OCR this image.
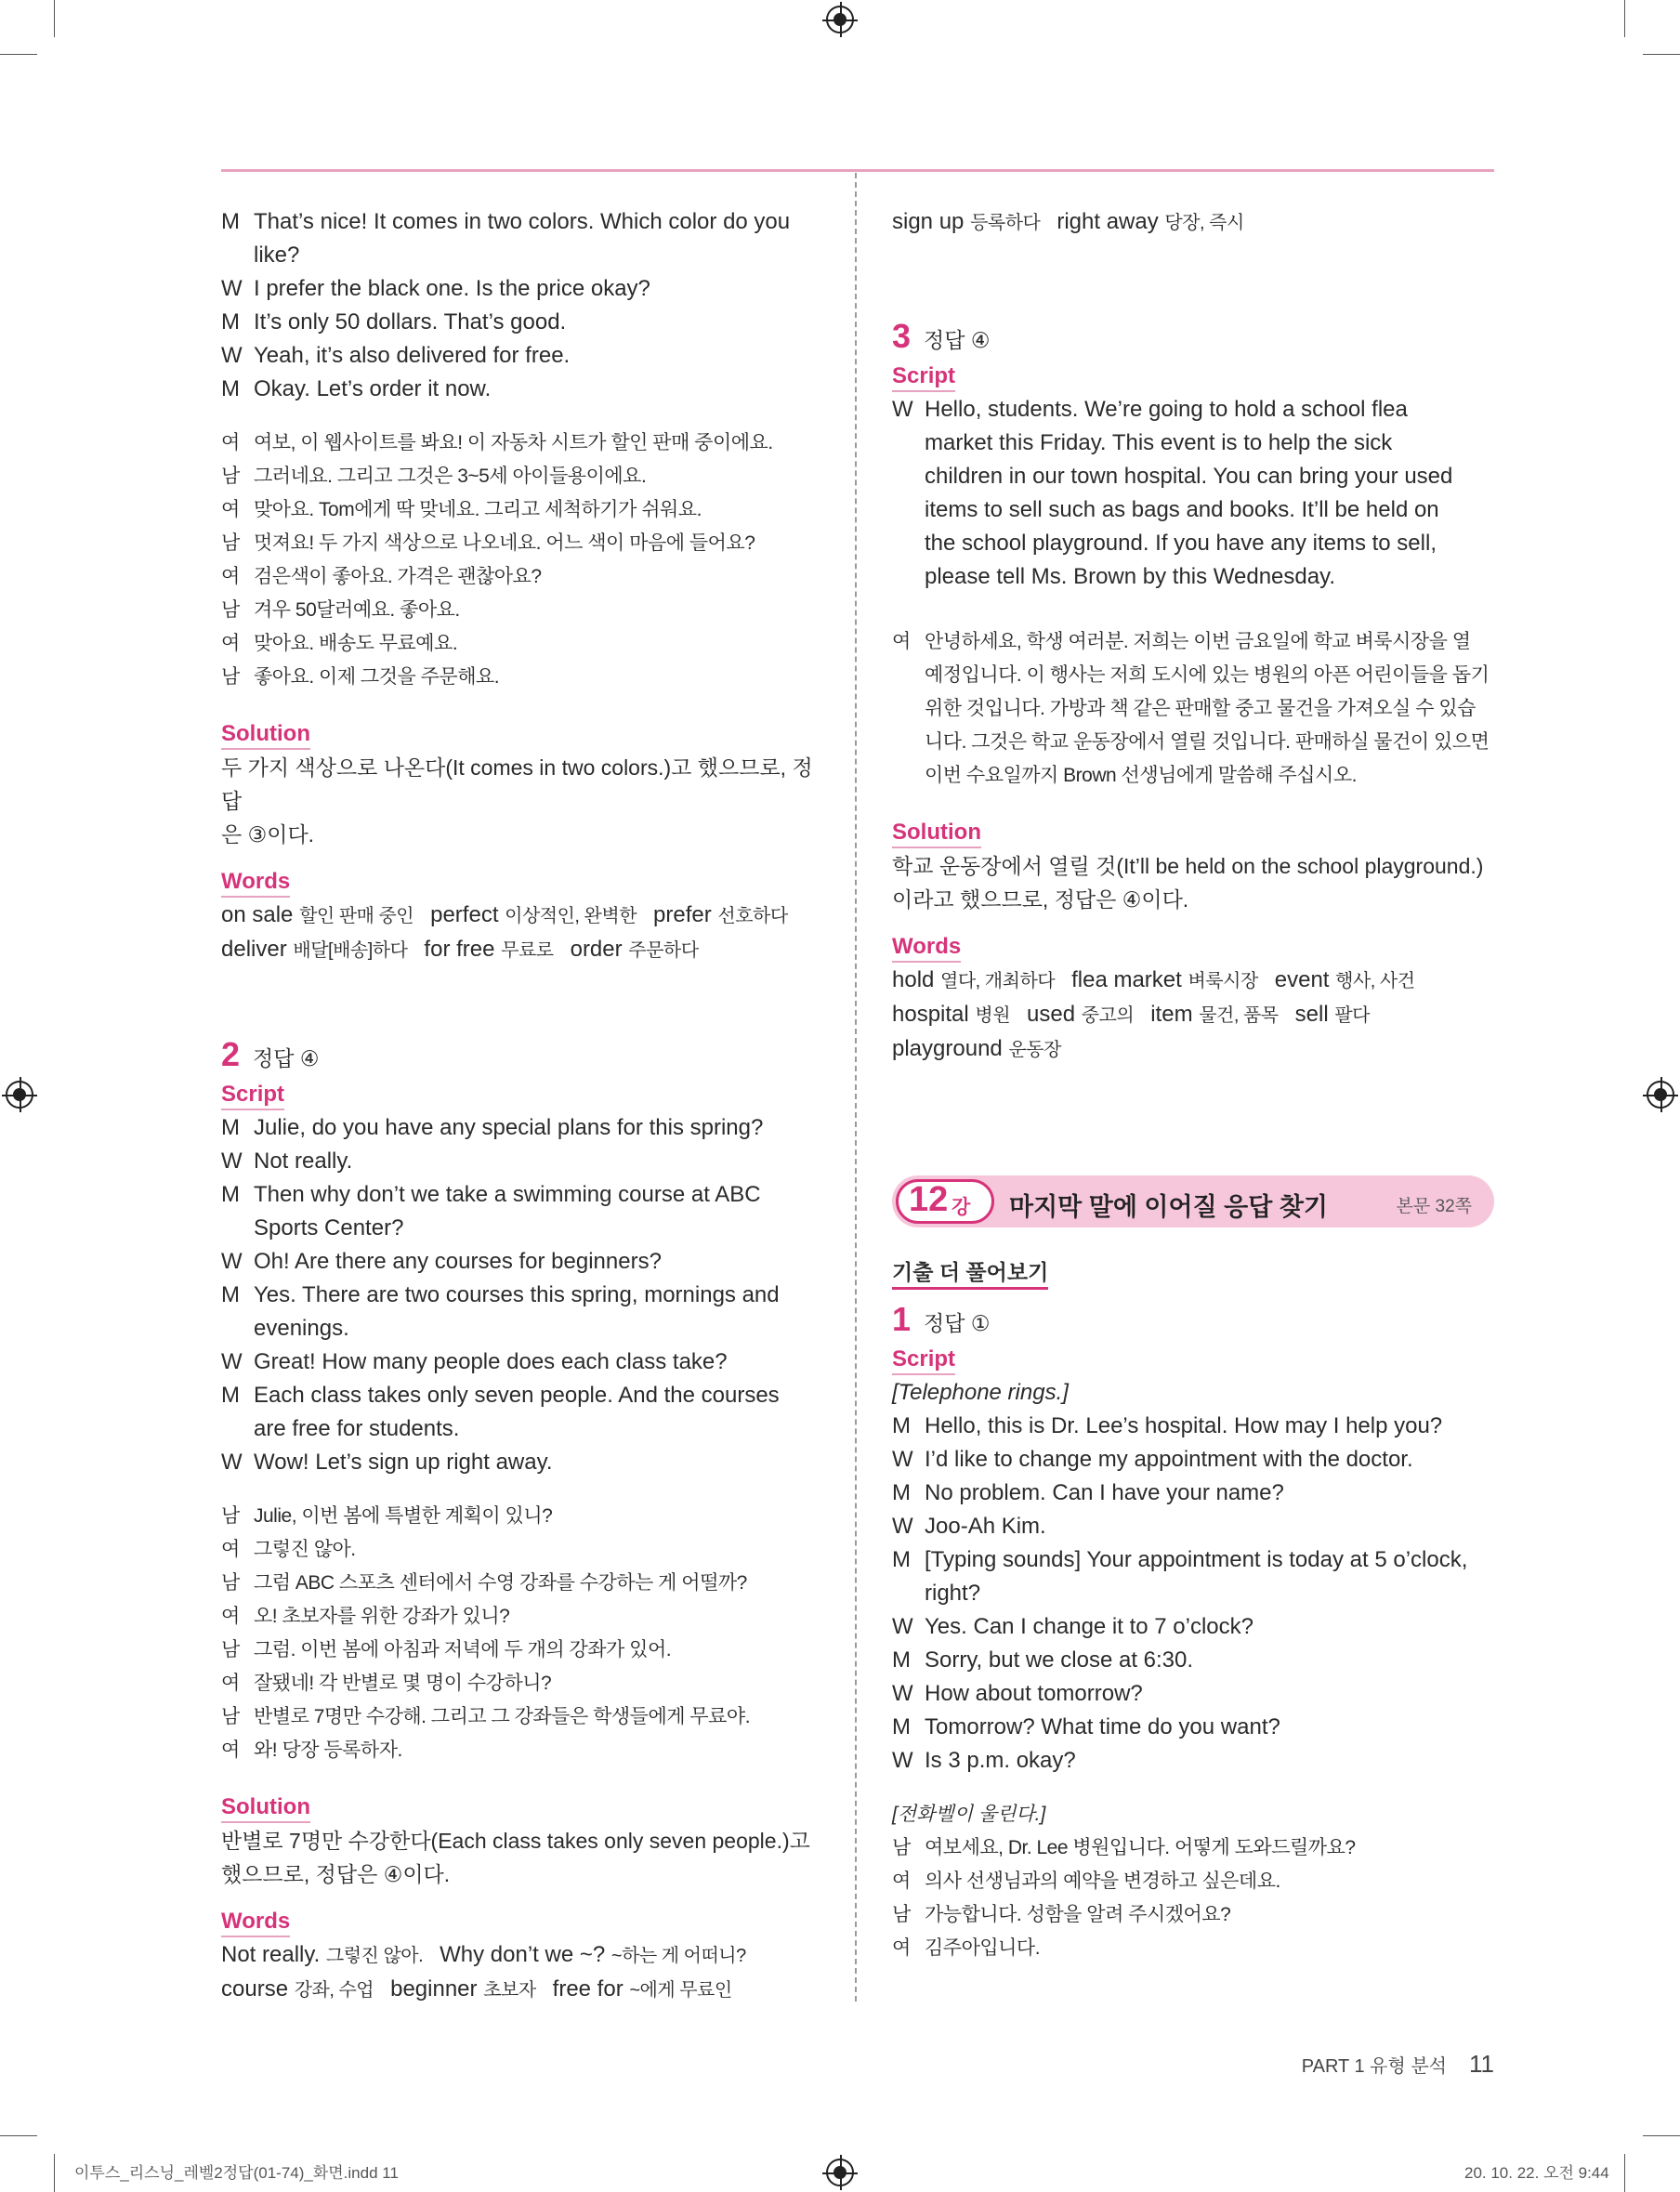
M That’s nice! It comes in two colors. Which color do you
like?
W I prefer the black one. Is the price okay?
M It’s only 50 dollars. That’s good.
W Yeah, it’s also delivered for free.
M Okay. Let’s order it now.
여 여보, 이 웹사이트를 봐요! 이 자동차 시트가 할인 판매 중이에요.
남 그러네요. 그리고 그것은 3~5세 아이들용이에요.
여 맞아요. Tom에게 딱 맞네요. 그리고 세척하기가 쉬워요.
남 멋져요! 두 가지 색상으로 나오네요. 어느 색이 마음에 들어요?
여 검은색이 좋아요. 가격은 괜찮아요?
남 겨우 50달러예요. 좋아요.
여 맞아요. 배송도 무료예요.
남 좋아요. 이제 그것을 주문해요.
Solution
두 가지 색상으로 나온다(It comes in two colors.)고 했으므로, 정답
은 ③이다.
Words
on sale 할인 판매 중인 perfect 이상적인, 완벽한 prefer 선호하다
deliver 배달[배송]하다 for free 무료로 order 주문하다
2 정답 ④
Script
M Julie, do you have any special plans for this spring?
W Not really.
M Then why don’t we take a swimming course at ABC
Sports Center?
W Oh! Are there any courses for beginners?
M Yes. There are two courses this spring, mornings and
evenings.
W Great! How many people does each class take?
M Each class takes only seven people. And the courses
are free for students.
W Wow! Let’s sign up right away.
남 Julie, 이번 봄에 특별한 계획이 있니?
여 그렇진 않아.
남 그럼 ABC 스포츠 센터에서 수영 강좌를 수강하는 게 어떨까?
여 오! 초보자를 위한 강좌가 있니?
남 그럼. 이번 봄에 아침과 저녁에 두 개의 강좌가 있어.
여 잘됐네! 각 반별로 몇 명이 수강하니?
남 반별로 7명만 수강해. 그리고 그 강좌들은 학생들에게 무료야.
여 와! 당장 등록하자.
Solution
반별로 7명만 수강한다(Each class takes only seven people.)고
했으므로, 정답은 ④이다.
Words
Not really. 그렇진 않아. Why don’t we ~? ~하는 게 어떠니?
course 강좌, 수업 beginner 초보자 free for ~에게 무료인
sign up 등록하다 right away 당장, 즉시
3 정답 ④
Script
W Hello, students. We’re going to hold a school flea
market this Friday. This event is to help the sick
children in our town hospital. You can bring your used
items to sell such as bags and books. It’ll be held on
the school playground. If you have any items to sell,
please tell Ms. Brown by this Wednesday.
여 안녕하세요, 학생 여러분. 저희는 이번 금요일에 학교 벼룩시장을 열
예정입니다. 이 행사는 저희 도시에 있는 병원의 아픈 어린이들을 돕기
위한 것입니다. 가방과 책 같은 판매할 중고 물건을 가져오실 수 있습
니다. 그것은 학교 운동장에서 열릴 것입니다. 판매하실 물건이 있으면
이번 수요일까지 Brown 선생님에게 말씀해 주십시오.
Solution
학교 운동장에서 열릴 것(It’ll be held on the school playground.)
이라고 했으므로, 정답은 ④이다.
Words
hold 열다, 개최하다 flea market 벼룩시장 event 행사, 사건
hospital 병원 used 중고의 item 물건, 품목 sell 팔다
playground 운동장
12 강 마지막 말에 이어질 응답 찾기	본문 32쪽
기출 더 풀어보기
1 정답 ①
Script
[Telephone rings.]
M Hello, this is Dr. Lee’s hospital. How may I help you?
W I’d like to change my appointment with the doctor.
M No problem. Can I have your name?
W Joo-Ah Kim.
M [Typing sounds] Your appointment is today at 5 o’clock,
right?
W Yes. Can I change it to 7 o’clock?
M Sorry, but we close at 6:30.
W How about tomorrow?
M Tomorrow? What time do you want?
W Is 3 p.m. okay?
[전화벨이 울린다.]
남 여보세요, Dr. Lee 병원입니다. 어떻게 도와드릴까요?
여 의사 선생님과의 예약을 변경하고 싶은데요.
남 가능합니다. 성함을 알려 주시겠어요?
여 김주아입니다.
PART 1 유형 분석 11
이투스_리스닝_레벨2정답(01-74)_화면.indd 11	20. 10. 22. 오전 9:44
